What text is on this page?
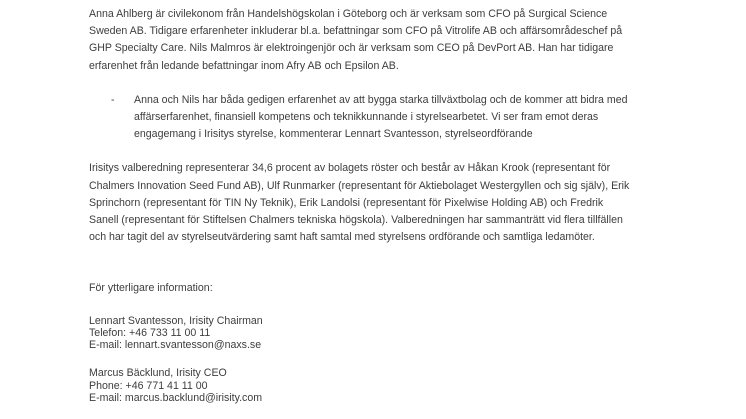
Anna Ahlberg är civilekonom från Handelshögskolan i Göteborg och är verksam som CFO på Surgical Science
Sweden AB. Tidigare erfarenheter inkluderar bl.a. befattningar som CFO på Vitrolife AB och affärsområdeschef på
GHP Specialty Care. Nils Malmros är elektroingenjör och är verksam som CEO på DevPort AB. Han har tidigare
erfarenhet från ledande befattningar inom Afry AB och Epsilon AB.

- Anna och Nils har båda gedigen erfarenhet av att bygga starka tillväxtbolag och de kommer att bidra med
affärserfarenhet, finansiell kompetens och teknikkunnande i styrelsearbetet. Vi ser fram emot deras
engagemang i Irisitys styrelse, kommenterar Lennart Svantesson, styrelseordförande

Irisitys valberedning representerar 34,6 procent av bolagets röster och består av Håkan Krook (representant för
Chalmers Innovation Seed Fund AB), Ulf Runmarker (representant för Aktiebolaget Westergyllen och sig själv), Erik
Sprinchorn (representant för TIN Ny Teknik), Erik Landolsi (representant för Pixelwise Holding AB) och Fredrik
Sanell (representant för Stiftelsen Chalmers tekniska högskola). Valberedningen har sammanträtt vid flera tillfällen
och har tagit del av styrelseutvärdering samt haft samtal med styrelsens ordförande och samtliga ledamöter.

För ytterligare information:

Lennart Svantesson, Irisity Chairman
Telefon: +46 733 11 00 11
E-mail: lennart.svantesson@naxs.se
Marcus Bäcklund, Irisity CEO
Phone: +46 771 41 11 00
E-mail: marcus.backlund@irisity.com
